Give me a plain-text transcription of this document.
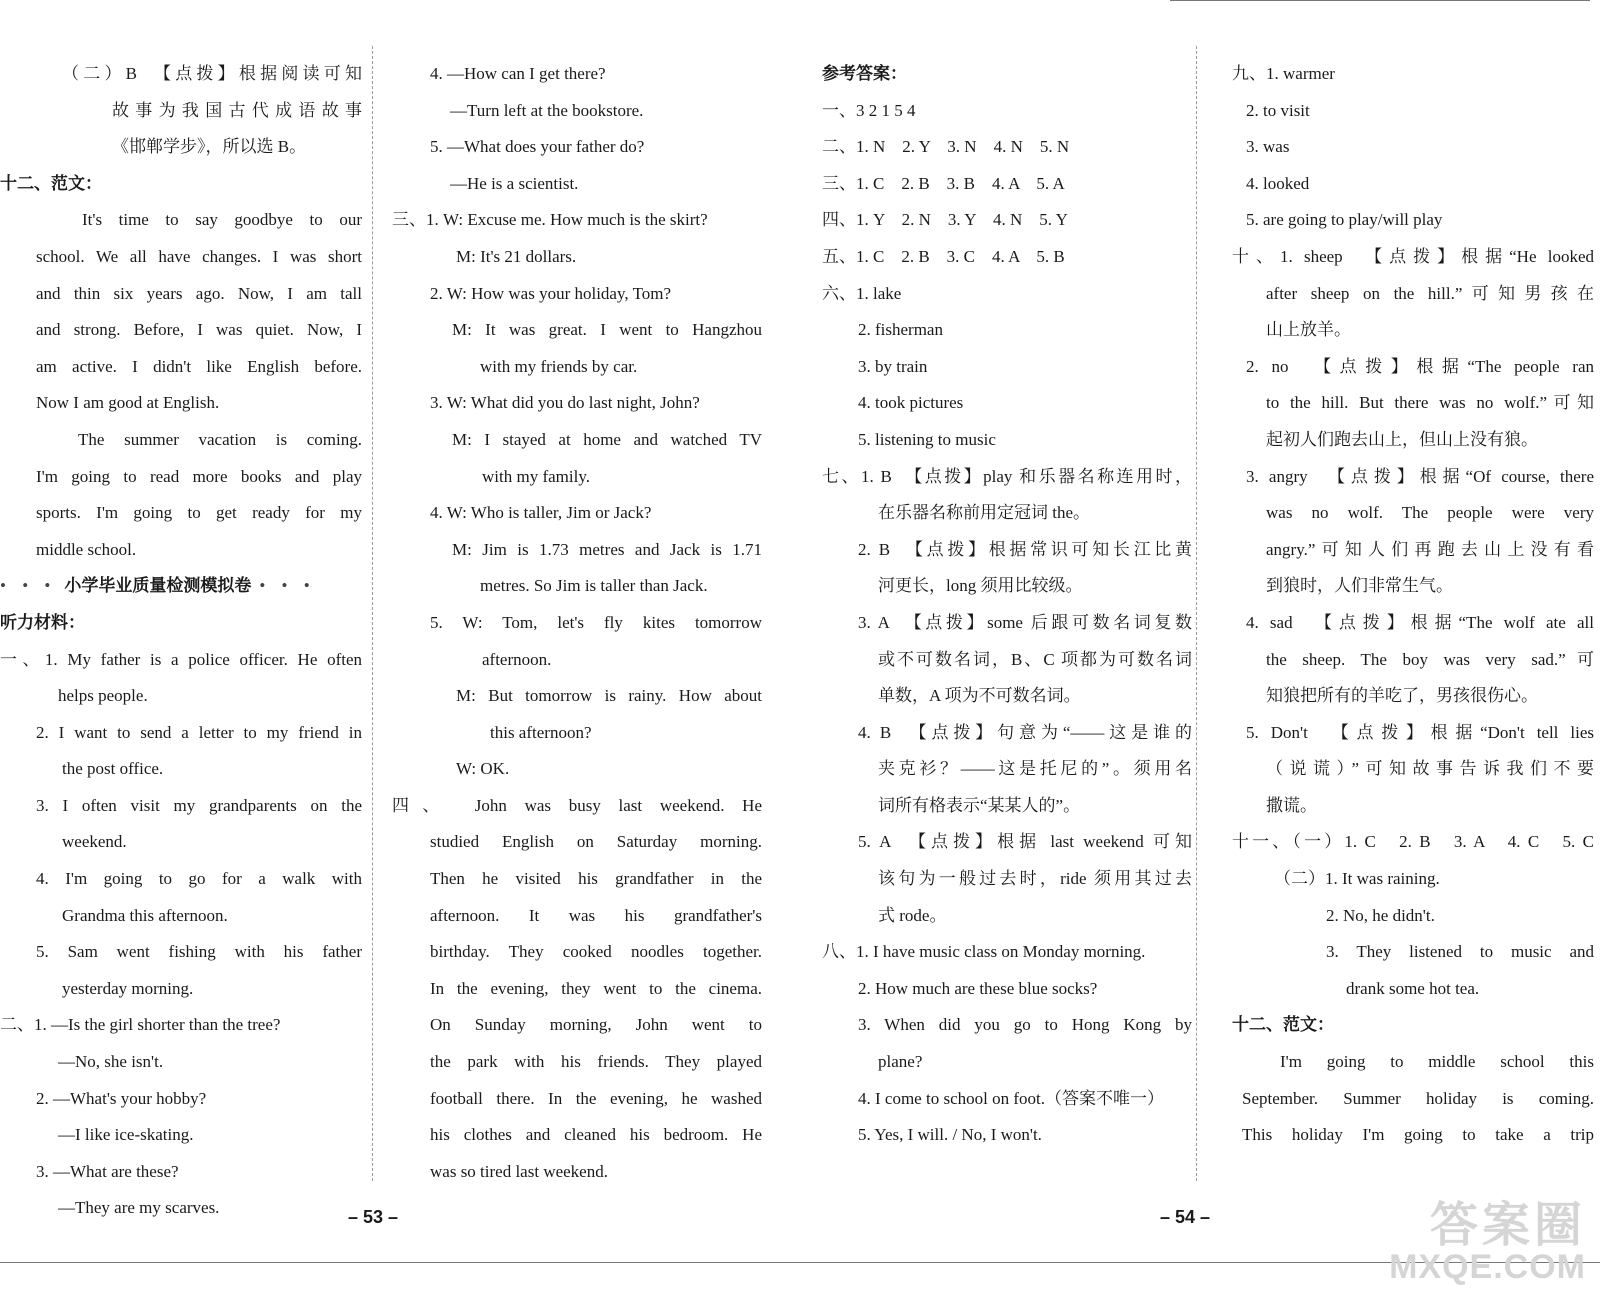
（二）B　【点拨】根据阅读可知
故事为我国古代成语故事
《邯郸学步》，所以选 B。
十二、范文：
It's time to say goodbye to our
school. We all have changes. I was short
and thin six years ago. Now, I am tall
and strong. Before, I was quiet. Now, I
am active. I didn't like English before.
Now I am good at English.
The summer vacation is coming.
I'm going to read more books and play
sports. I'm going to get ready for my
middle school.
• • • 小学毕业质量检测模拟卷 • • •
听力材料：
一、1. My father is a police officer. He often
helps people.
2. I want to send a letter to my friend in
the post office.
3. I often visit my grandparents on the
weekend.
4. I'm going to go for a walk with
Grandma this afternoon.
5. Sam went fishing with his father
yesterday morning.
二、1. —Is the girl shorter than the tree?
—No, she isn't.
2. —What's your hobby?
—I like ice-skating.
3. —What are these?
—They are my scarves.
4. —How can I get there?
—Turn left at the bookstore.
5. —What does your father do?
—He is a scientist.
三、1. W: Excuse me. How much is the skirt?
M: It's 21 dollars.
2. W: How was your holiday, Tom?
M: It was great. I went to Hangzhou
with my friends by car.
3. W: What did you do last night, John?
M: I stayed at home and watched TV
with my family.
4. W: Who is taller, Jim or Jack?
M: Jim is 1.73 metres and Jack is 1.71
metres. So Jim is taller than Jack.
5. W: Tom, let's fly kites tomorrow
afternoon.
M: But tomorrow is rainy. How about
this afternoon?
W: OK.
四、　John was busy last weekend. He
studied English on Saturday morning.
Then he visited his grandfather in the
afternoon. It was his grandfather's
birthday. They cooked noodles together.
In the evening, they went to the cinema.
On Sunday morning, John went to
the park with his friends. They played
football there. In the evening, he washed
his clothes and cleaned his bedroom. He
was so tired last weekend.
参考答案：
一、3 2 1 5 4
二、1. N　2. Y　3. N　4. N　5. N
三、1. C　2. B　3. B　4. A　5. A
四、1. Y　2. N　3. Y　4. N　5. Y
五、1. C　2. B　3. C　4. A　5. B
六、1. lake
2. fisherman
3. by train
4. took pictures
5. listening to music
七、1. B　【点拨】play 和乐器名称连用时，
在乐器名称前用定冠词 the。
2. B　【点拨】根据常识可知长江比黄
河更长，long 须用比较级。
3. A　【点拨】some 后跟可数名词复数
或不可数名词，B、C 项都为可数名词
单数，A 项为不可数名词。
4. B　【点拨】句意为“——这是谁的
夹克衫？——这是托尼的”。须用名
词所有格表示“某某人的”。
5. A　【点拨】根据 last weekend 可知
该句为一般过去时，ride 须用其过去
式 rode。
八、1. I have music class on Monday morning.
2. How much are these blue socks?
3. When did you go to Hong Kong by
plane?
4. I come to school on foot.（答案不唯一）
5. Yes, I will. / No, I won't.
九、1. warmer
2. to visit
3. was
4. looked
5. are going to play/will play
十、1. sheep　【点拨】根据“He looked
after sheep on the hill.”可知男孩在
山上放羊。
2. no　【点拨】根据“The people ran
to the hill. But there was no wolf.”可知
起初人们跑去山上，但山上没有狼。
3. angry　【点拨】根据“Of course, there
was no wolf. The people were very
angry.”可知人们再跑去山上没有看
到狼时，人们非常生气。
4. sad　【点拨】根据“The wolf ate all
the sheep. The boy was very sad.”可
知狼把所有的羊吃了，男孩很伤心。
5. Don't　【点拨】根据“Don't tell lies
（说谎）”可知故事告诉我们不要
撒谎。
十一、（一）1. C　2. B　3. A　4. C　5. C
（二）1. It was raining.
2. No, he didn't.
3. They listened to music and
drank some hot tea.
十二、范文：
I'm going to middle school this
September. Summer holiday is coming.
This holiday I'm going to take a trip
– 53 –	– 54 –	答案圈
MXQE.COM
